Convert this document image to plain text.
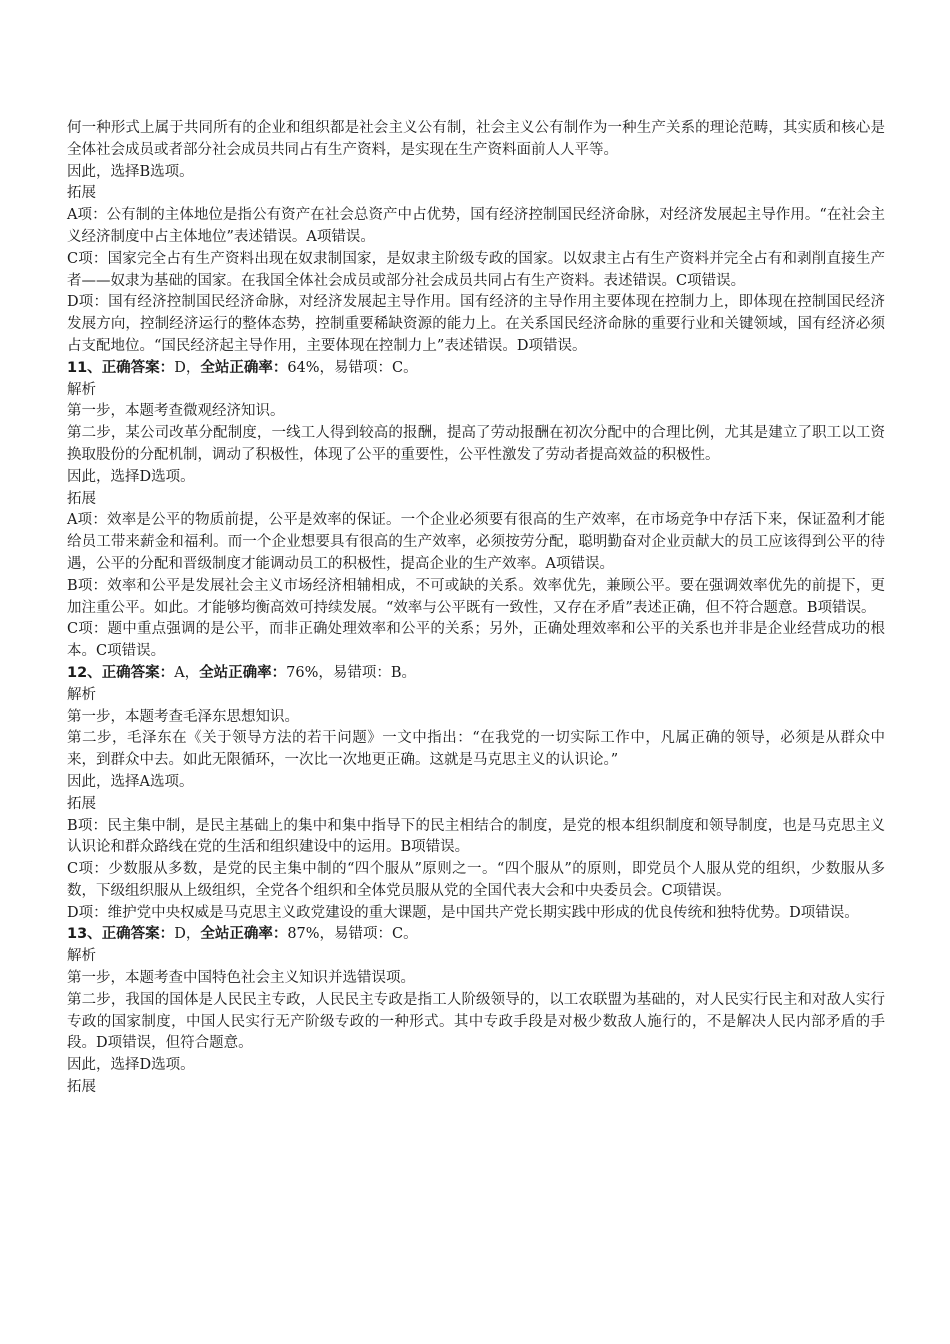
何一种形式上属于共同所有的企业和组织都是社会主义公有制，社会主义公有制作为一种生产关系的理论范畴，其实质和核心是全体社会成员或者部分社会成员共同占有生产资料，是实现在生产资料面前人人平等。

因此，选择B选项。

拓展

A项：公有制的主体地位是指公有资产在社会总资产中占优势，国有经济控制国民经济命脉，对经济发展起主导作用。“在社会主义经济制度中占主体地位”表述错误。A项错误。

C项：国家完全占有生产资料出现在奴隶制国家，是奴隶主阶级专政的国家。以奴隶主占有生产资料并完全占有和剥削直接生产者——奴隶为基础的国家。在我国全体社会成员或部分社会成员共同占有生产资料。表述错误。C项错误。

D项：国有经济控制国民经济命脉，对经济发展起主导作用。国有经济的主导作用主要体现在控制力上，即体现在控制国民经济发展方向，控制经济运行的整体态势，控制重要稀缺资源的能力上。在关系国民经济命脉的重要行业和关键领域，国有经济必须占支配地位。“国民经济起主导作用，主要体现在控制力上”表述错误。D项错误。

11、正确答案：D，全站正确率：64%，易错项：C。

解析

第一步，本题考查微观经济知识。

第二步，某公司改革分配制度，一线工人得到较高的报酬，提高了劳动报酬在初次分配中的合理比例，尤其是建立了职工以工资换取股份的分配机制，调动了积极性，体现了公平的重要性，公平性激发了劳动者提高效益的积极性。

因此，选择D选项。

拓展

A项：效率是公平的物质前提，公平是效率的保证。一个企业必须要有很高的生产效率，在市场竞争中存活下来，保证盈利才能给员工带来薪金和福利。而一个企业想要具有很高的生产效率，必须按劳分配，聪明勤奋对企业贡献大的员工应该得到公平的待遇，公平的分配和晋级制度才能调动员工的积极性，提高企业的生产效率。A项错误。

B项：效率和公平是发展社会主义市场经济相辅相成，不可或缺的关系。效率优先，兼顾公平。要在强调效率优先的前提下，更加注重公平。如此。才能够均衡高效可持续发展。“效率与公平既有一致性，又存在矛盾”表述正确，但不符合题意。B项错误。

C项：题中重点强调的是公平，而非正确处理效率和公平的关系；另外，正确处理效率和公平的关系也并非是企业经营成功的根本。C项错误。

12、正确答案：A，全站正确率：76%，易错项：B。

解析

第一步，本题考查毛泽东思想知识。

第二步，毛泽东在《关于领导方法的若干问题》一文中指出：“在我党的一切实际工作中，凡属正确的领导，必须是从群众中来，到群众中去。如此无限循环，一次比一次地更正确。这就是马克思主义的认识论。”

因此，选择A选项。

拓展

B项：民主集中制，是民主基础上的集中和集中指导下的民主相结合的制度，是党的根本组织制度和领导制度，也是马克思主义认识论和群众路线在党的生活和组织建设中的运用。B项错误。

C项：少数服从多数，是党的民主集中制的“四个服从”原则之一。“四个服从”的原则，即党员个人服从党的组织，少数服从多数，下级组织服从上级组织，全党各个组织和全体党员服从党的全国代表大会和中央委员会。C项错误。

D项：维护党中央权威是马克思主义政党建设的重大课题，是中国共产党长期实践中形成的优良传统和独特优势。D项错误。

13、正确答案：D，全站正确率：87%，易错项：C。

解析

第一步，本题考查中国特色社会主义知识并选错误项。

第二步，我国的国体是人民民主专政，人民民主专政是指工人阶级领导的，以工农联盟为基础的，对人民实行民主和对敌人实行专政的国家制度，中国人民实行无产阶级专政的一种形式。其中专政手段是对极少数敌人施行的，不是解决人民内部矛盾的手段。D项错误，但符合题意。

因此，选择D选项。

拓展
